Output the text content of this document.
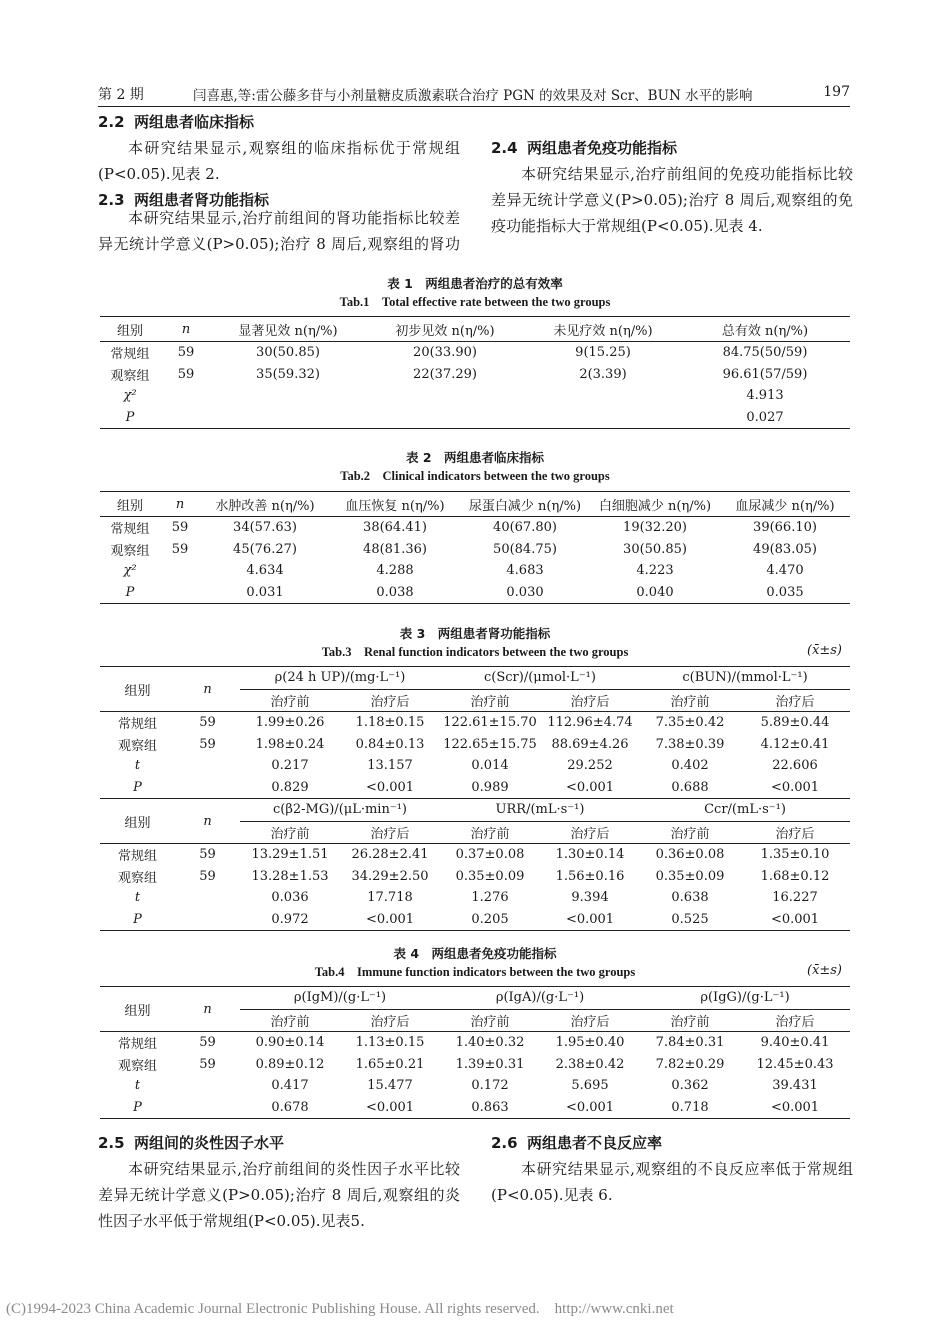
第 2 期	闫喜惠,等:雷公藤多苷与小剂量糖皮质激素联合治疗 PGN 的效果及对 Scr、BUN 水平的影响	197
2.2 两组患者临床指标
本研究结果显示,观察组的临床指标优于常规组(P<0.05).见表 2.
2.3 两组患者肾功能指标
本研究结果显示,治疗前组间的肾功能指标比较差异无统计学意义(P>0.05);治疗 8 周后,观察组的肾功
2.4 两组患者免疫功能指标
本研究结果显示,治疗前组间的免疫功能指标比较差异无统计学意义(P>0.05);治疗 8 周后,观察组的免疫功能指标大于常规组(P<0.05).见表 4.
表 1　两组患者治疗的总有效率
Tab.1　Total effective rate between the two groups
组别	n	显著见效 n(η/%)	初步见效 n(η/%)	未见疗效 n(η/%)	总有效 n(η/%)
常规组	59	30(50.85)	20(33.90)	9(15.25)	84.75(50/59)
观察组	59	35(59.32)	22(37.29)	2(3.39)	96.61(57/59)
χ²					4.913
P					0.027
表 2　两组患者临床指标
Tab.2　Clinical indicators between the two groups
组别	n	水肿改善 n(η/%)	血压恢复 n(η/%)	尿蛋白减少 n(η/%)	白细胞减少 n(η/%)	血尿减少 n(η/%)
常规组	59	34(57.63)	38(64.41)	40(67.80)	19(32.20)	39(66.10)
观察组	59	45(76.27)	48(81.36)	50(84.75)	30(50.85)	49(83.05)
χ²		4.634	4.288	4.683	4.223	4.470
P		0.031	0.038	0.030	0.040	0.035
表 3　两组患者肾功能指标
Tab.3　Renal function indicators between the two groups	(x̄±s)
组别	n	ρ(24 h UP)/(mg·L⁻¹)		c(Scr)/(μmol·L⁻¹)		c(BUN)/(mmol·L⁻¹)	
		治疗前	治疗后	治疗前	治疗后	治疗前	治疗后
常规组	59	1.99±0.26	1.18±0.15	122.61±15.70	112.96±4.74	7.35±0.42	5.89±0.44
观察组	59	1.98±0.24	0.84±0.13	122.65±15.75	88.69±4.26	7.38±0.39	4.12±0.41
t		0.217	13.157	0.014	29.252	0.402	22.606
P		0.829	<0.001	0.989	<0.001	0.688	<0.001
组别	n	c(β2-MG)/(μL·min⁻¹)		URR/(mL·s⁻¹)		Ccr/(mL·s⁻¹)	
		治疗前	治疗后	治疗前	治疗后	治疗前	治疗后
常规组	59	13.29±1.51	26.28±2.41	0.37±0.08	1.30±0.14	0.36±0.08	1.35±0.10
观察组	59	13.28±1.53	34.29±2.50	0.35±0.09	1.56±0.16	0.35±0.09	1.68±0.12
t		0.036	17.718	1.276	9.394	0.638	16.227
P		0.972	<0.001	0.205	<0.001	0.525	<0.001
表 4　两组患者免疫功能指标
Tab.4　Immune function indicators between the two groups	(x̄±s)
组别	n	ρ(IgM)/(g·L⁻¹)		ρ(IgA)/(g·L⁻¹)		ρ(IgG)/(g·L⁻¹)	
		治疗前	治疗后	治疗前	治疗后	治疗前	治疗后
常规组	59	0.90±0.14	1.13±0.15	1.40±0.32	1.95±0.40	7.84±0.31	9.40±0.41
观察组	59	0.89±0.12	1.65±0.21	1.39±0.31	2.38±0.42	7.82±0.29	12.45±0.43
t		0.417	15.477	0.172	5.695	0.362	39.431
P		0.678	<0.001	0.863	<0.001	0.718	<0.001
2.5 两组间的炎性因子水平
本研究结果显示,治疗前组间的炎性因子水平比较差异无统计学意义(P>0.05);治疗 8 周后,观察组的炎性因子水平低于常规组(P<0.05).见表5.
2.6 两组患者不良反应率
本研究结果显示,观察组的不良反应率低于常规组(P<0.05).见表 6.
(C)1994-2023 China Academic Journal Electronic Publishing House. All rights reserved.　http://www.cnki.net
